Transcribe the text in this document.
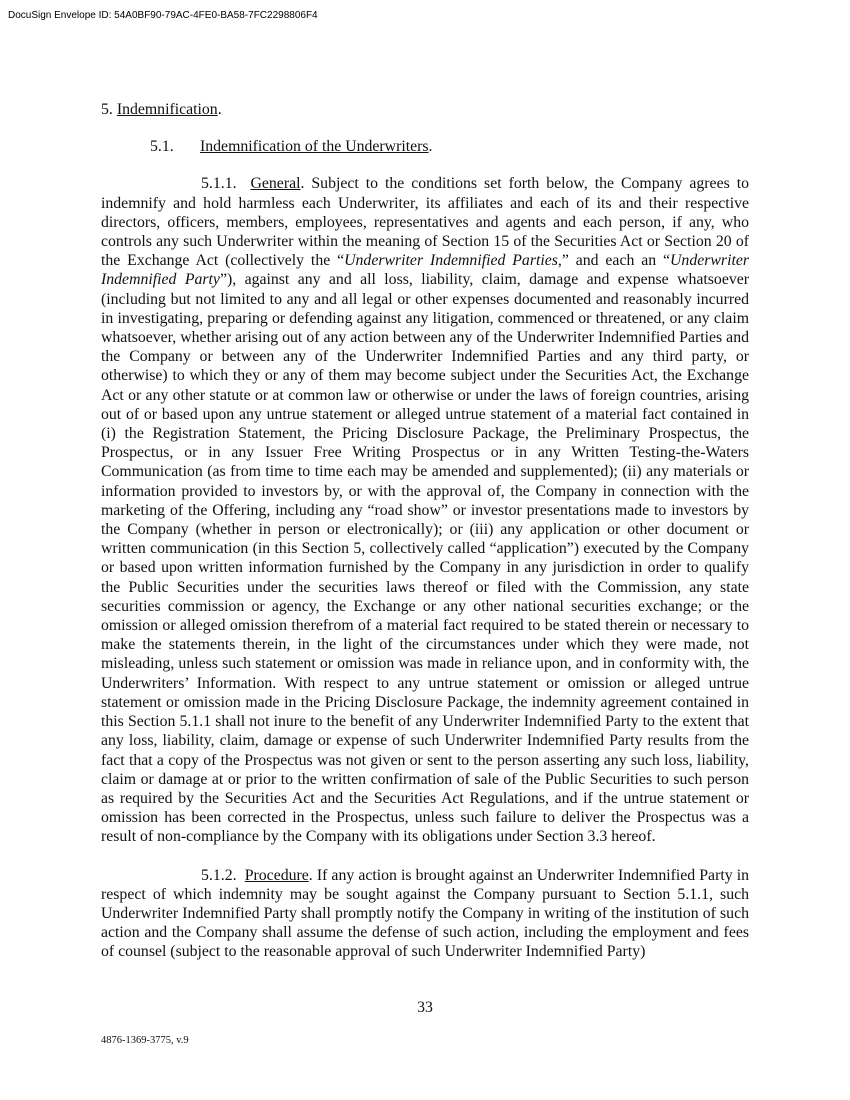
DocuSign Envelope ID: 54A0BF90-79AC-4FE0-BA58-7FC2298806F4
5. Indemnification.
5.1. Indemnification of the Underwriters.

5.1.1. General. Subject to the conditions set forth below, the Company agrees to indemnify and hold harmless each Underwriter, its affiliates and each of its and their respective directors, officers, members, employees, representatives and agents and each person, if any, who controls any such Underwriter within the meaning of Section 15 of the Securities Act or Section 20 of the Exchange Act (collectively the “Underwriter Indemnified Parties,” and each an “Underwriter Indemnified Party”), against any and all loss, liability, claim, damage and expense whatsoever (including but not limited to any and all legal or other expenses documented and reasonably incurred in investigating, preparing or defending against any litigation, commenced or threatened, or any claim whatsoever, whether arising out of any action between any of the Underwriter Indemnified Parties and the Company or between any of the Underwriter Indemnified Parties and any third party, or otherwise) to which they or any of them may become subject under the Securities Act, the Exchange Act or any other statute or at common law or otherwise or under the laws of foreign countries, arising out of or based upon any untrue statement or alleged untrue statement of a material fact contained in (i) the Registration Statement, the Pricing Disclosure Package, the Preliminary Prospectus, the Prospectus, or in any Issuer Free Writing Prospectus or in any Written Testing-the-Waters Communication (as from time to time each may be amended and supplemented); (ii) any materials or information provided to investors by, or with the approval of, the Company in connection with the marketing of the Offering, including any “road show” or investor presentations made to investors by the Company (whether in person or electronically); or (iii) any application or other document or written communication (in this Section 5, collectively called “application”) executed by the Company or based upon written information furnished by the Company in any jurisdiction in order to qualify the Public Securities under the securities laws thereof or filed with the Commission, any state securities commission or agency, the Exchange or any other national securities exchange; or the omission or alleged omission therefrom of a material fact required to be stated therein or necessary to make the statements therein, in the light of the circumstances under which they were made, not misleading, unless such statement or omission was made in reliance upon, and in conformity with, the Underwriters’ Information. With respect to any untrue statement or omission or alleged untrue statement or omission made in the Pricing Disclosure Package, the indemnity agreement contained in this Section 5.1.1 shall not inure to the benefit of any Underwriter Indemnified Party to the extent that any loss, liability, claim, damage or expense of such Underwriter Indemnified Party results from the fact that a copy of the Prospectus was not given or sent to the person asserting any such loss, liability, claim or damage at or prior to the written confirmation of sale of the Public Securities to such person as required by the Securities Act and the Securities Act Regulations, and if the untrue statement or omission has been corrected in the Prospectus, unless such failure to deliver the Prospectus was a result of non-compliance by the Company with its obligations under Section 3.3 hereof.

5.1.2. Procedure. If any action is brought against an Underwriter Indemnified Party in respect of which indemnity may be sought against the Company pursuant to Section 5.1.1, such Underwriter Indemnified Party shall promptly notify the Company in writing of the institution of such action and the Company shall assume the defense of such action, including the employment and fees of counsel (subject to the reasonable approval of such Underwriter Indemnified Party)

33
4876-1369-3775, v.9
